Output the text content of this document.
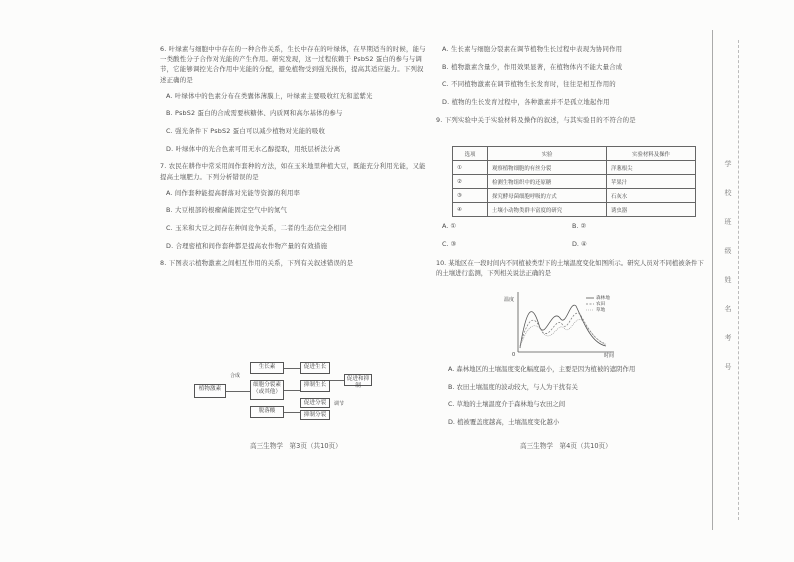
6. 叶绿素与细胞中中存在的一种合作关系，生长中存在的叶绿体，在早期适当的时候，能与一类酸性分子合作对光能的产生作用。研究发现，这一过程依赖于 PsbS2 蛋白的参与与调节，它能够调控光合作用中光能的分配，避免植物受到强光损伤，提高其适应能力。下列叙述正确的是

A. 叶绿体中的色素分布在类囊体薄膜上，叶绿素主要吸收红光和蓝紫光

B. PsbS2 蛋白的合成需要核糖体、内质网和高尔基体的参与

C. 强光条件下 PsbS2 蛋白可以减少植物对光能的吸收

D. 叶绿体中的光合色素可用无水乙醇提取，用纸层析法分离

7. 农民在耕作中常采用间作套种的方法，如在玉米地里种植大豆，既能充分利用光能，又能提高土壤肥力。下列分析错误的是

A. 间作套种能提高群落对光能等资源的利用率

B. 大豆根部的根瘤菌能固定空气中的氮气

C. 玉米和大豆之间存在种间竞争关系，二者的生态位完全相同

D. 合理密植和间作套种都是提高农作物产量的有效措施

8. 下图表示植物激素之间相互作用的关系，下列有关叙述错误的是

植物激素
生长素
细胞分裂素（或其他）
脱落酸
促进生长
抑制生长
促进分裂
抑制分裂
促进和抑制
合成
调节
高三生物学　第3页（共10页）

A. 生长素与细胞分裂素在调节植物生长过程中表现为协同作用

B. 植物激素含量少，作用效果显著，在植物体内不能大量合成

C. 不同植物激素在调节植物生长发育时，往往是相互作用的

D. 植物的生长发育过程中，各种激素并不是孤立地起作用

9. 下列实验中关于实验材料及操作的叙述，与其实验目的不符合的是

选项	实验	实验材料及操作
①	观察植物细胞的有丝分裂	洋葱根尖
②	检测生物组织中的还原糖	苹果汁
③	探究酵母菌细胞呼吸的方式	石灰水
④	土壤小动物类群丰富度的研究	诱虫器
A. ①	B. ②
C. ③	D. ④
10. 某地区在一段时间内不同植被类型下的土壤温度变化如图所示。研究人员对不同植被条件下的土壤进行监测，下列相关说法正确的是
温度
时间
0
森林地
农田
草地

A. 森林地区的土壤温度变化幅度最小，主要是因为植被的遮阴作用

B. 农田土壤温度的波动较大，与人为干扰有关

C. 草地的土壤温度介于森林地与农田之间

D. 植被覆盖度越高，土壤温度变化越小

高三生物学　第4页（共10页）
学
校
班
级
姓
名
考
号
